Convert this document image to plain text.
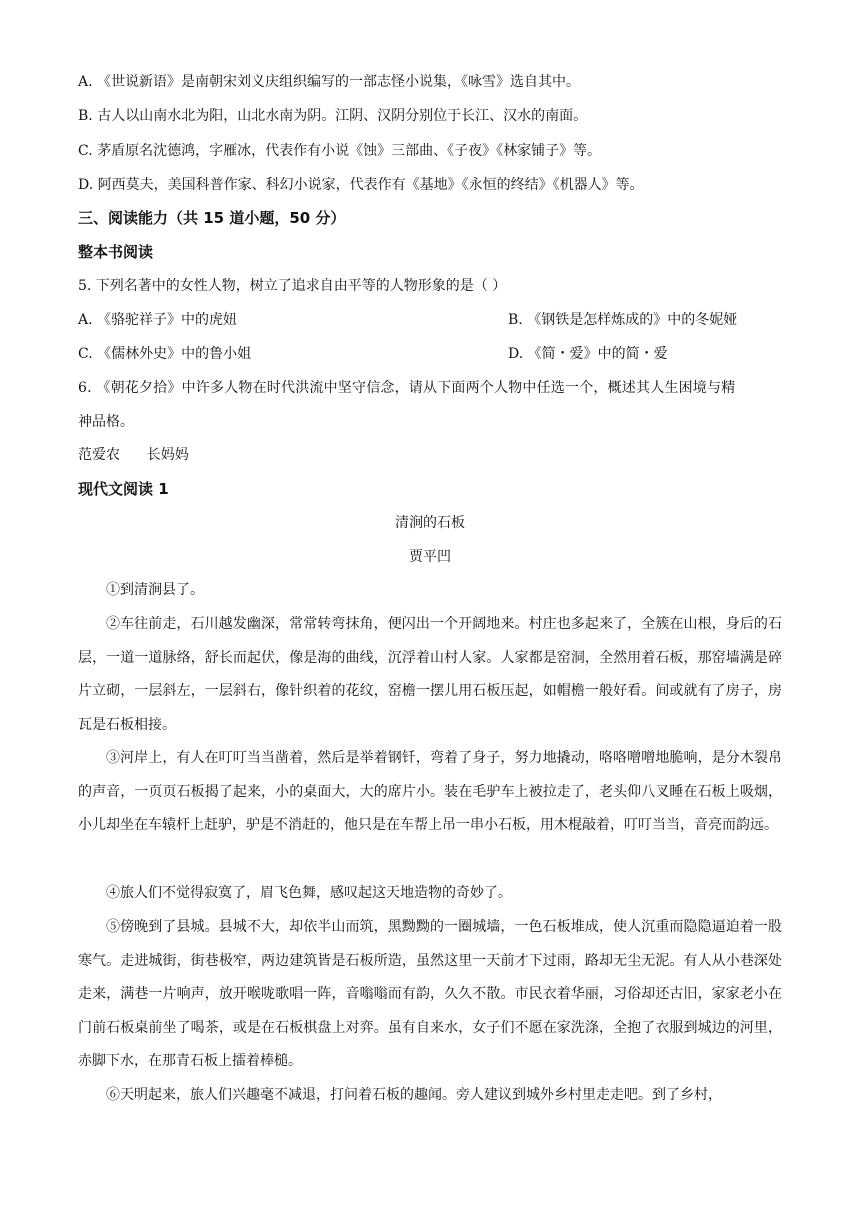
A. 《世说新语》是南朝宋刘义庆组织编写的一部志怪小说集，《咏雪》选自其中。
B. 古人以山南水北为阳，山北水南为阴。江阴、汉阴分别位于长江、汉水的南面。
C. 茅盾原名沈德鸿，字雁冰，代表作有小说《蚀》三部曲、《子夜》《林家铺子》等。
D. 阿西莫夫，美国科普作家、科幻小说家，代表作有《基地》《永恒的终结》《机器人》等。
三、阅读能力（共 15 道小题，50 分）
整本书阅读
5. 下列名著中的女性人物，树立了追求自由平等的人物形象的是（ ）
A. 《骆驼祥子》中的虎妞	B. 《钢铁是怎样炼成的》中的冬妮娅
C. 《儒林外史》中的鲁小姐	D. 《简・爱》中的简・爱
6. 《朝花夕拾》中许多人物在时代洪流中坚守信念，请从下面两个人物中任选一个，概述其人生困境与精
神品格。
范爱农      长妈妈
现代文阅读 1
清涧的石板
贾平凹
①到清涧县了。
②车往前走，石川越发幽深，常常转弯抹角，便闪出一个开阔地来。村庄也多起来了，全簇在山根，身后的石层，一道一道脉络，舒长而起伏，像是海的曲线，沉浮着山村人家。人家都是窑洞，全然用着石板，那窑墙满是碎片立砌，一层斜左，一层斜右，像针织着的花纹，窑檐一摆儿用石板压起，如帽檐一般好看。间或就有了房子，房瓦是石板相接。
③河岸上，有人在叮叮当当凿着，然后是举着钢钎，弯着了身子，努力地撬动，咯咯噌噌地脆响，是分木裂帛的声音，一页页石板揭了起来，小的桌面大，大的席片小。装在毛驴车上被拉走了，老头仰八叉睡在石板上吸烟，小儿却坐在车辕杆上赶驴，驴是不消赶的，他只是在车帮上吊一串小石板，用木棍敲着，叮叮当当，音亮而韵远。
④旅人们不觉得寂寞了，眉飞色舞，感叹起这天地造物的奇妙了。
⑤傍晚到了县城。县城不大，却依半山而筑，黑黝黝的一圈城墙，一色石板堆成，使人沉重而隐隐逼迫着一股寒气。走进城街，街巷极窄，两边建筑皆是石板所造，虽然这里一天前才下过雨，路却无尘无泥。有人从小巷深处走来，满巷一片响声，放开喉咙歌唱一阵，音嗡嗡而有韵，久久不散。市民衣着华丽，习俗却还古旧，家家老小在门前石板桌前坐了喝茶，或是在石板棋盘上对弈。虽有自来水，女子们不愿在家洗涤，全抱了衣服到城边的河里，赤脚下水，在那青石板上擂着棒槌。
⑥天明起来，旅人们兴趣毫不减退，打问着石板的趣闻。旁人建议到城外乡村里走走吧。到了乡村，
